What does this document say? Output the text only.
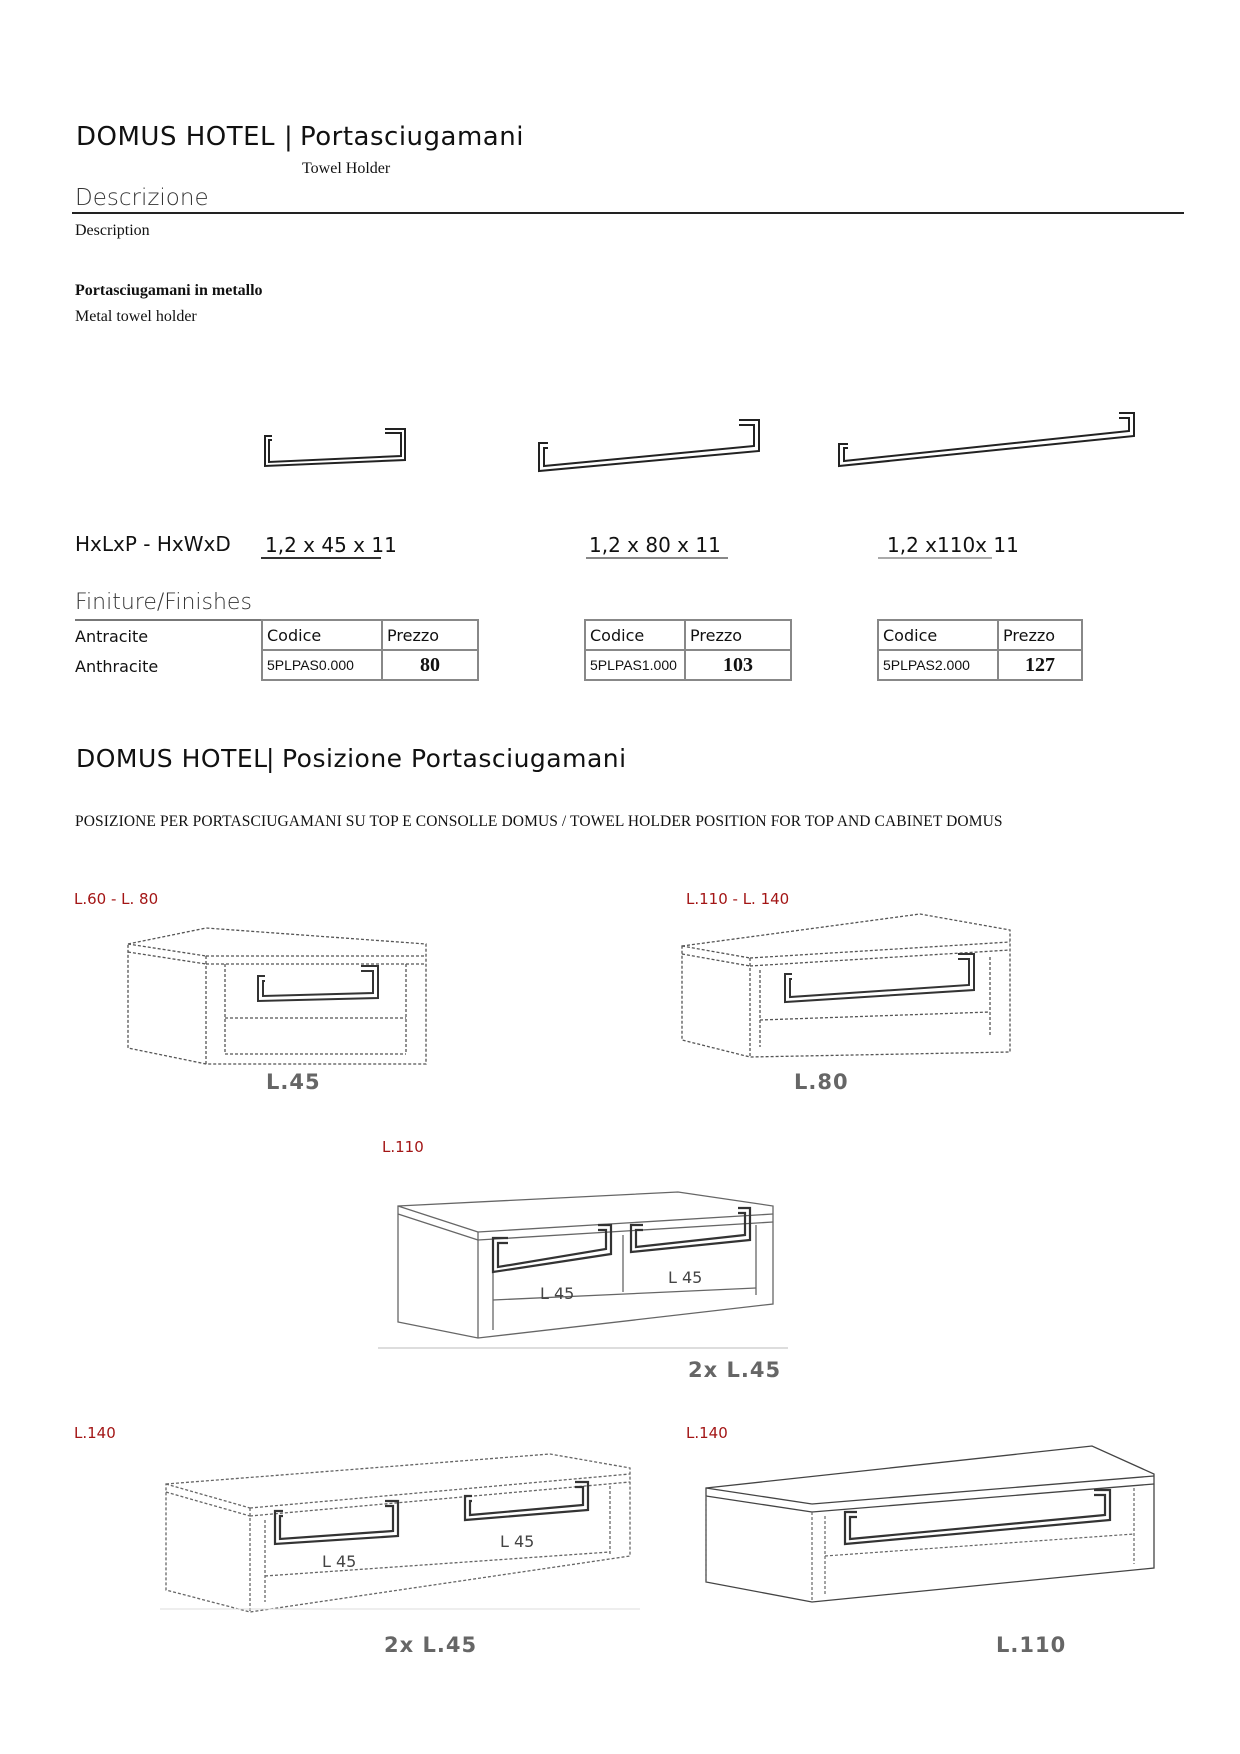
DOMUS HOTEL | Portasciugamani
Towel Holder
Descrizione
Description
Portasciugamani in metallo
Metal towel holder
HxLxP - HxWxD 1,2 x 45 x 11	1,2 x 80 x 11	1,2 x110x 11
Finiture/Finishes
Antracite
Anthracite
Codice	Prezzo
5PLPAS0.000	80
Codice	Prezzo
5PLPAS1.000	103
Codice	Prezzo
5PLPAS2.000	127
DOMUS HOTEL
| Posizione Portasciugamani
POSIZIONE PER PORTASCIUGAMANI SU TOP E CONSOLLE DOMUS / TOWEL HOLDER POSITION FOR TOP AND CABINET DOMUS
L.60 - L. 80
L.45
L.110 - L. 140
L.80
L.110
L 45
L 45
2x L.45
L.140
L 45
L 45
2x L.45
L.140
L.110
